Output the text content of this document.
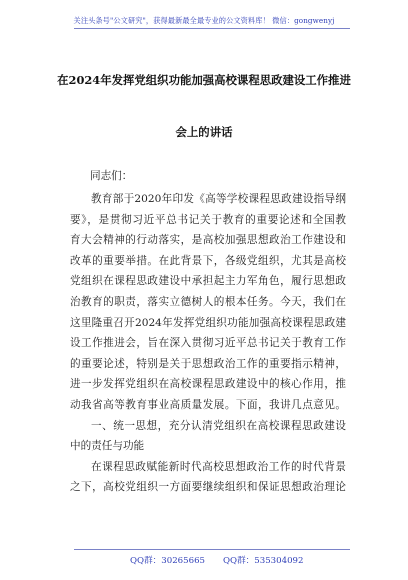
关注头条号"公文研究"，获得最新最全最专业的公文资料库！ 微信：gongwenyj
在2024年发挥党组织功能加强高校课程思政建设工作推进
会上的讲话
同志们：
教育部于2020年印发《高等学校课程思政建设指导纲
要》，是贯彻习近平总书记关于教育的重要论述和全国教
育大会精神的行动落实，是高校加强思想政治工作建设和
改革的重要举措。在此背景下，各级党组织，尤其是高校
党组织在课程思政建设中承担起主力军角色，履行思想政
治教育的职责，落实立德树人的根本任务。今天，我们在
这里隆重召开2024年发挥党组织功能加强高校课程思政建
设工作推进会，旨在深入贯彻习近平总书记关于教育工作
的重要论述，特别是关于思想政治工作的重要指示精神，
进一步发挥党组织在高校课程思政建设中的核心作用，推
动我省高等教育事业高质量发展。下面，我讲几点意见。
一、统一思想，充分认清党组织在高校课程思政建设
中的责任与功能
在课程思政赋能新时代高校思想政治工作的时代背景
之下，高校党组织一方面要继续组织和保证思想政治理论
QQ群：30265665 QQ群：535304092
